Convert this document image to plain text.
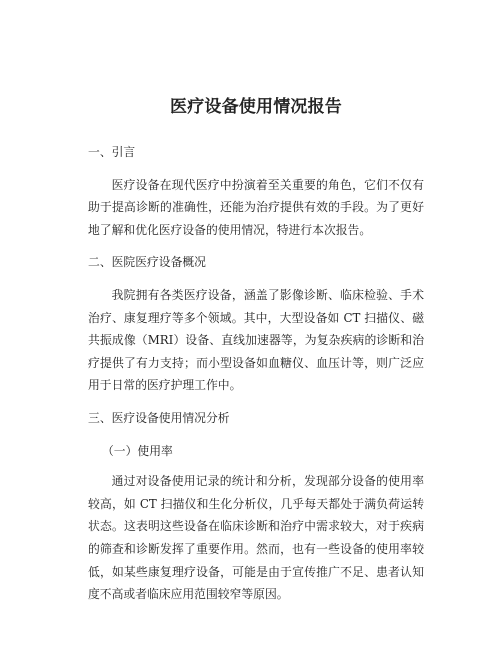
医疗设备使用情况报告
一、引言

医疗设备在现代医疗中扮演着至关重要的角色，它们不仅有助于提高诊断的准确性，还能为治疗提供有效的手段。为了更好地了解和优化医疗设备的使用情况，特进行本次报告。

二、医院医疗设备概况

我院拥有各类医疗设备，涵盖了影像诊断、临床检验、手术治疗、康复理疗等多个领域。其中，大型设备如 CT 扫描仪、磁共振成像（MRI）设备、直线加速器等，为复杂疾病的诊断和治疗提供了有力支持；而小型设备如血糖仪、血压计等，则广泛应用于日常的医疗护理工作中。

三、医疗设备使用情况分析
（一）使用率

通过对设备使用记录的统计和分析，发现部分设备的使用率较高，如 CT 扫描仪和生化分析仪，几乎每天都处于满负荷运转状态。这表明这些设备在临床诊断和治疗中需求较大，对于疾病的筛查和诊断发挥了重要作用。然而，也有一些设备的使用率较低，如某些康复理疗设备，可能是由于宣传推广不足、患者认知度不高或者临床应用范围较窄等原因。
